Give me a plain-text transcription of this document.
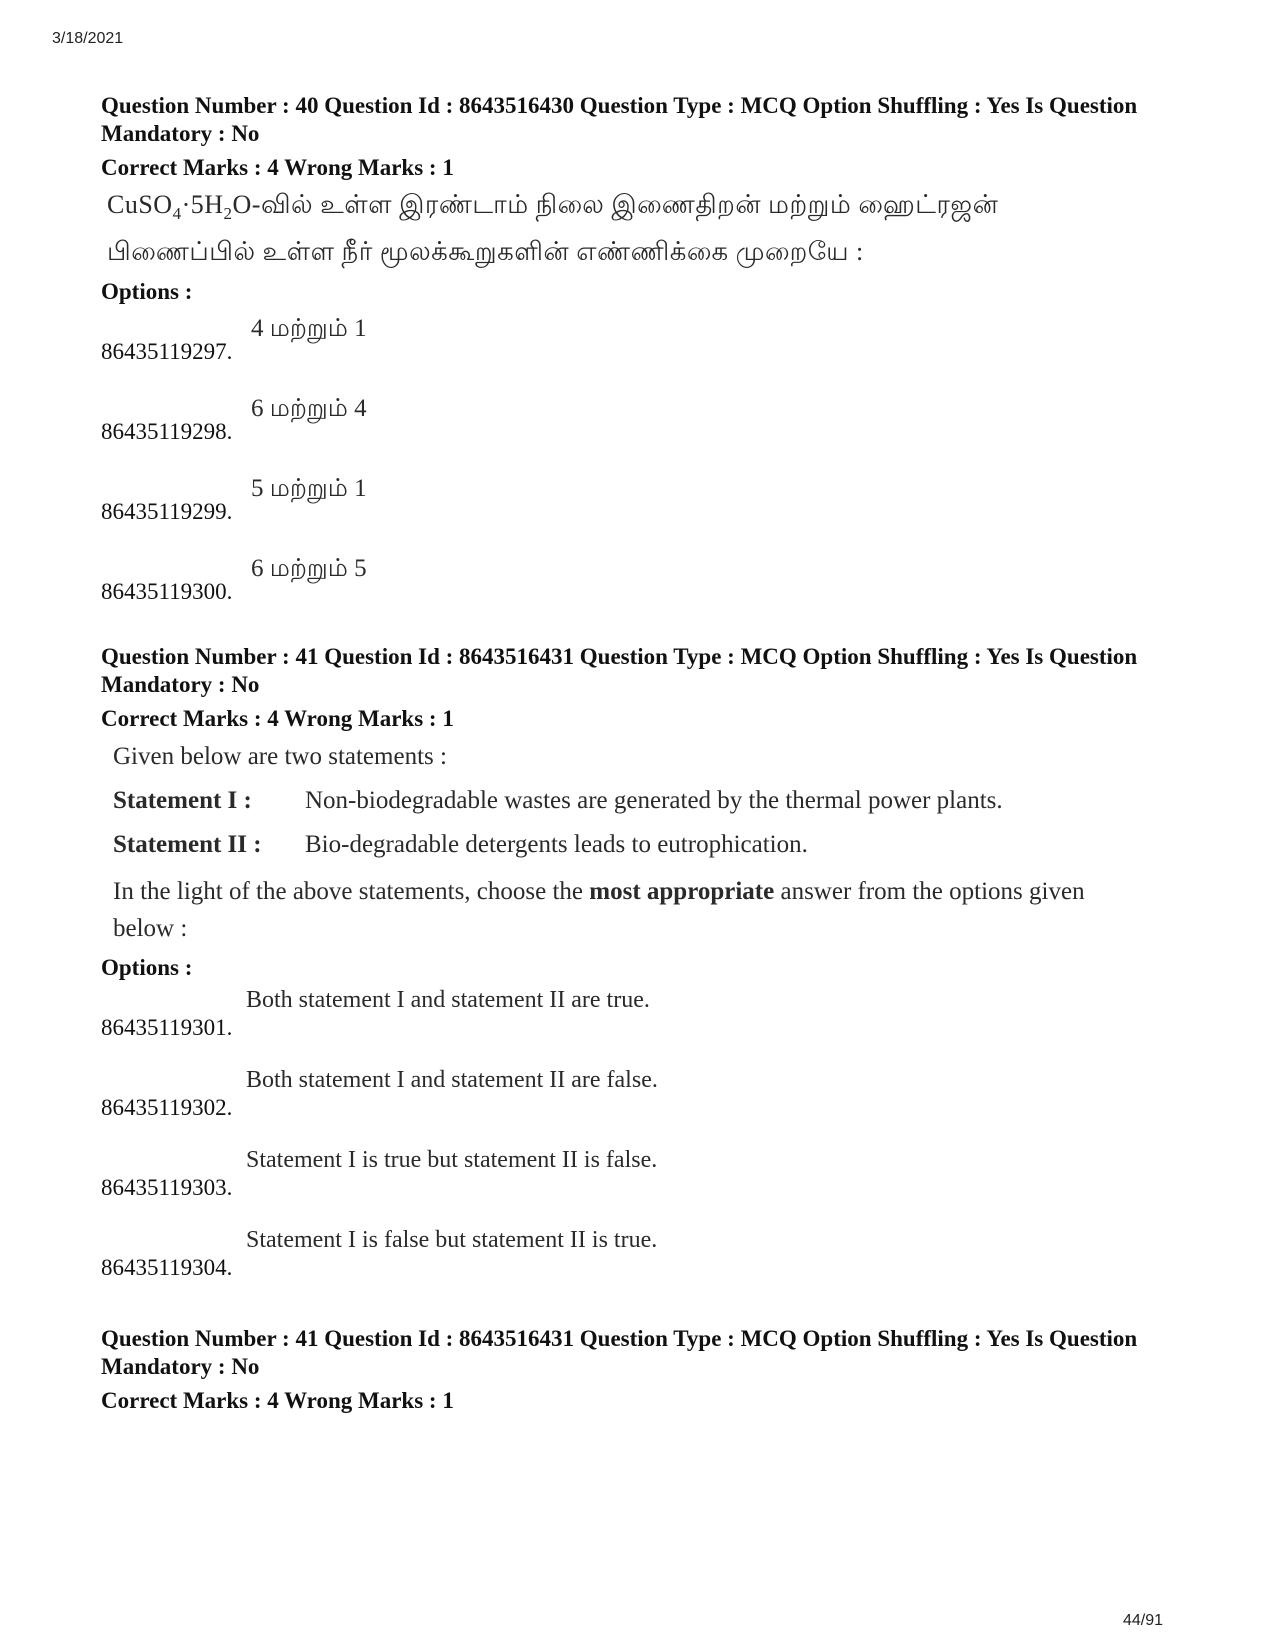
3/18/2021
Question Number : 40 Question Id : 8643516430 Question Type : MCQ Option Shuffling : Yes Is Question Mandatory : No
Correct Marks : 4 Wrong Marks : 1
$CuSO_4\cdot 5H_2O-வில்$ உள்ள இரண்டாம் நிலை இணைதிறன் மற்றும் ஹைட்ரஜன்
பிணைப்பில் உள்ள நீர் மூலக்கூறுகளின் எண்ணிக்கை முறையே :
Options :
86435119297.
4 மற்றும் 1
86435119298.
6 மற்றும் 4
86435119299.
5 மற்றும் 1
86435119300.
6 மற்றும் 5
Question Number : 41 Question Id : 8643516431 Question Type : MCQ Option Shuffling : Yes Is Question Mandatory : No
Correct Marks : 4 Wrong Marks : 1
Given below are two statements :
Statement I :	Non-biodegradable wastes are generated by the thermal power plants.
Statement II :	Bio-degradable detergents leads to eutrophication.
In the light of the above statements, choose the most appropriate answer from the options given below :
Options :
86435119301.
Both statement I and statement II are true.
86435119302.
Both statement I and statement II are false.
86435119303.
Statement I is true but statement II is false.
86435119304.
Statement I is false but statement II is true.
Question Number : 41 Question Id : 8643516431 Question Type : MCQ Option Shuffling : Yes Is Question Mandatory : No
Correct Marks : 4 Wrong Marks : 1
44/91
